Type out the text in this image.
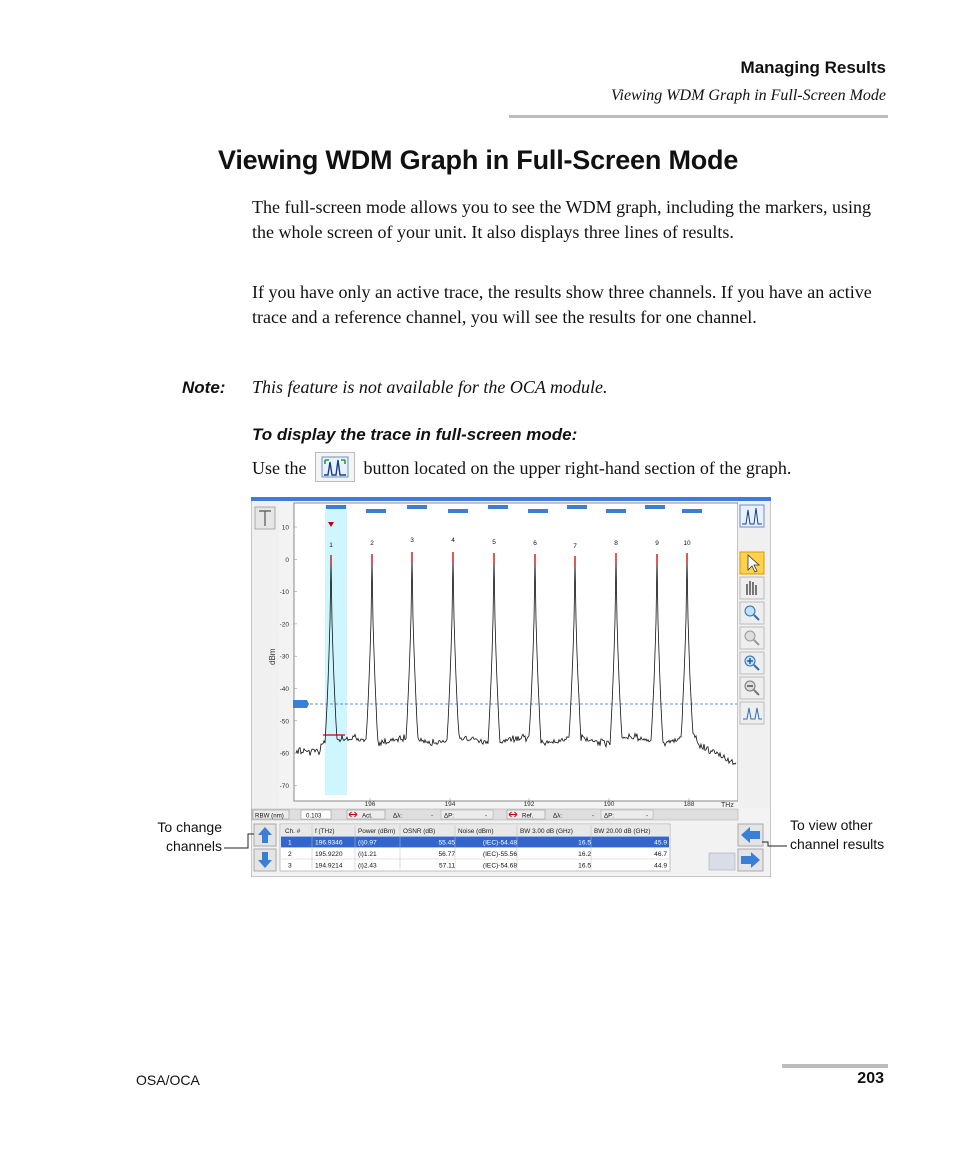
Managing Results
Viewing WDM Graph in Full-Screen Mode
Viewing WDM Graph in Full-Screen Mode
The full-screen mode allows you to see the WDM graph, including the markers, using the whole screen of your unit. It also displays three lines of results.
If you have only an active trace, the results show three channels. If you have an active trace and a reference channel, you will see the results for one channel.
Note: This feature is not available for the OCA module.
To display the trace in full-screen mode:
Use the	button located on the upper right-hand section of the graph.
10
0
-10
-20
-30
-40
-50
-60
-70
196	194	192	190	188
1	2	3	4	5	6	7	8	9	10
dBm
THz
RBW (nm)	0.103	Act.	Δλ:	- ΔP:	-	Ref.	Δλ:	- ΔP:	-
Ch. # f (THz)	Power (dBm) OSNR (dB)	Noise (dBm)	BW 3.00 dB (GHz)	BW 20.00 dB (GHz)
1	196.9346 (i)0.97	55.45	(IEC)-54.48	16.5	45.9
2	195.9220 (i)1.21	56.77	(IEC)-55.56	16.2	46.7
3	194.9214 (i)2.43	57.11	(IEC)-54.68	16.5	44.9
To change channels
To view other channel results
OSA/OCA	203
